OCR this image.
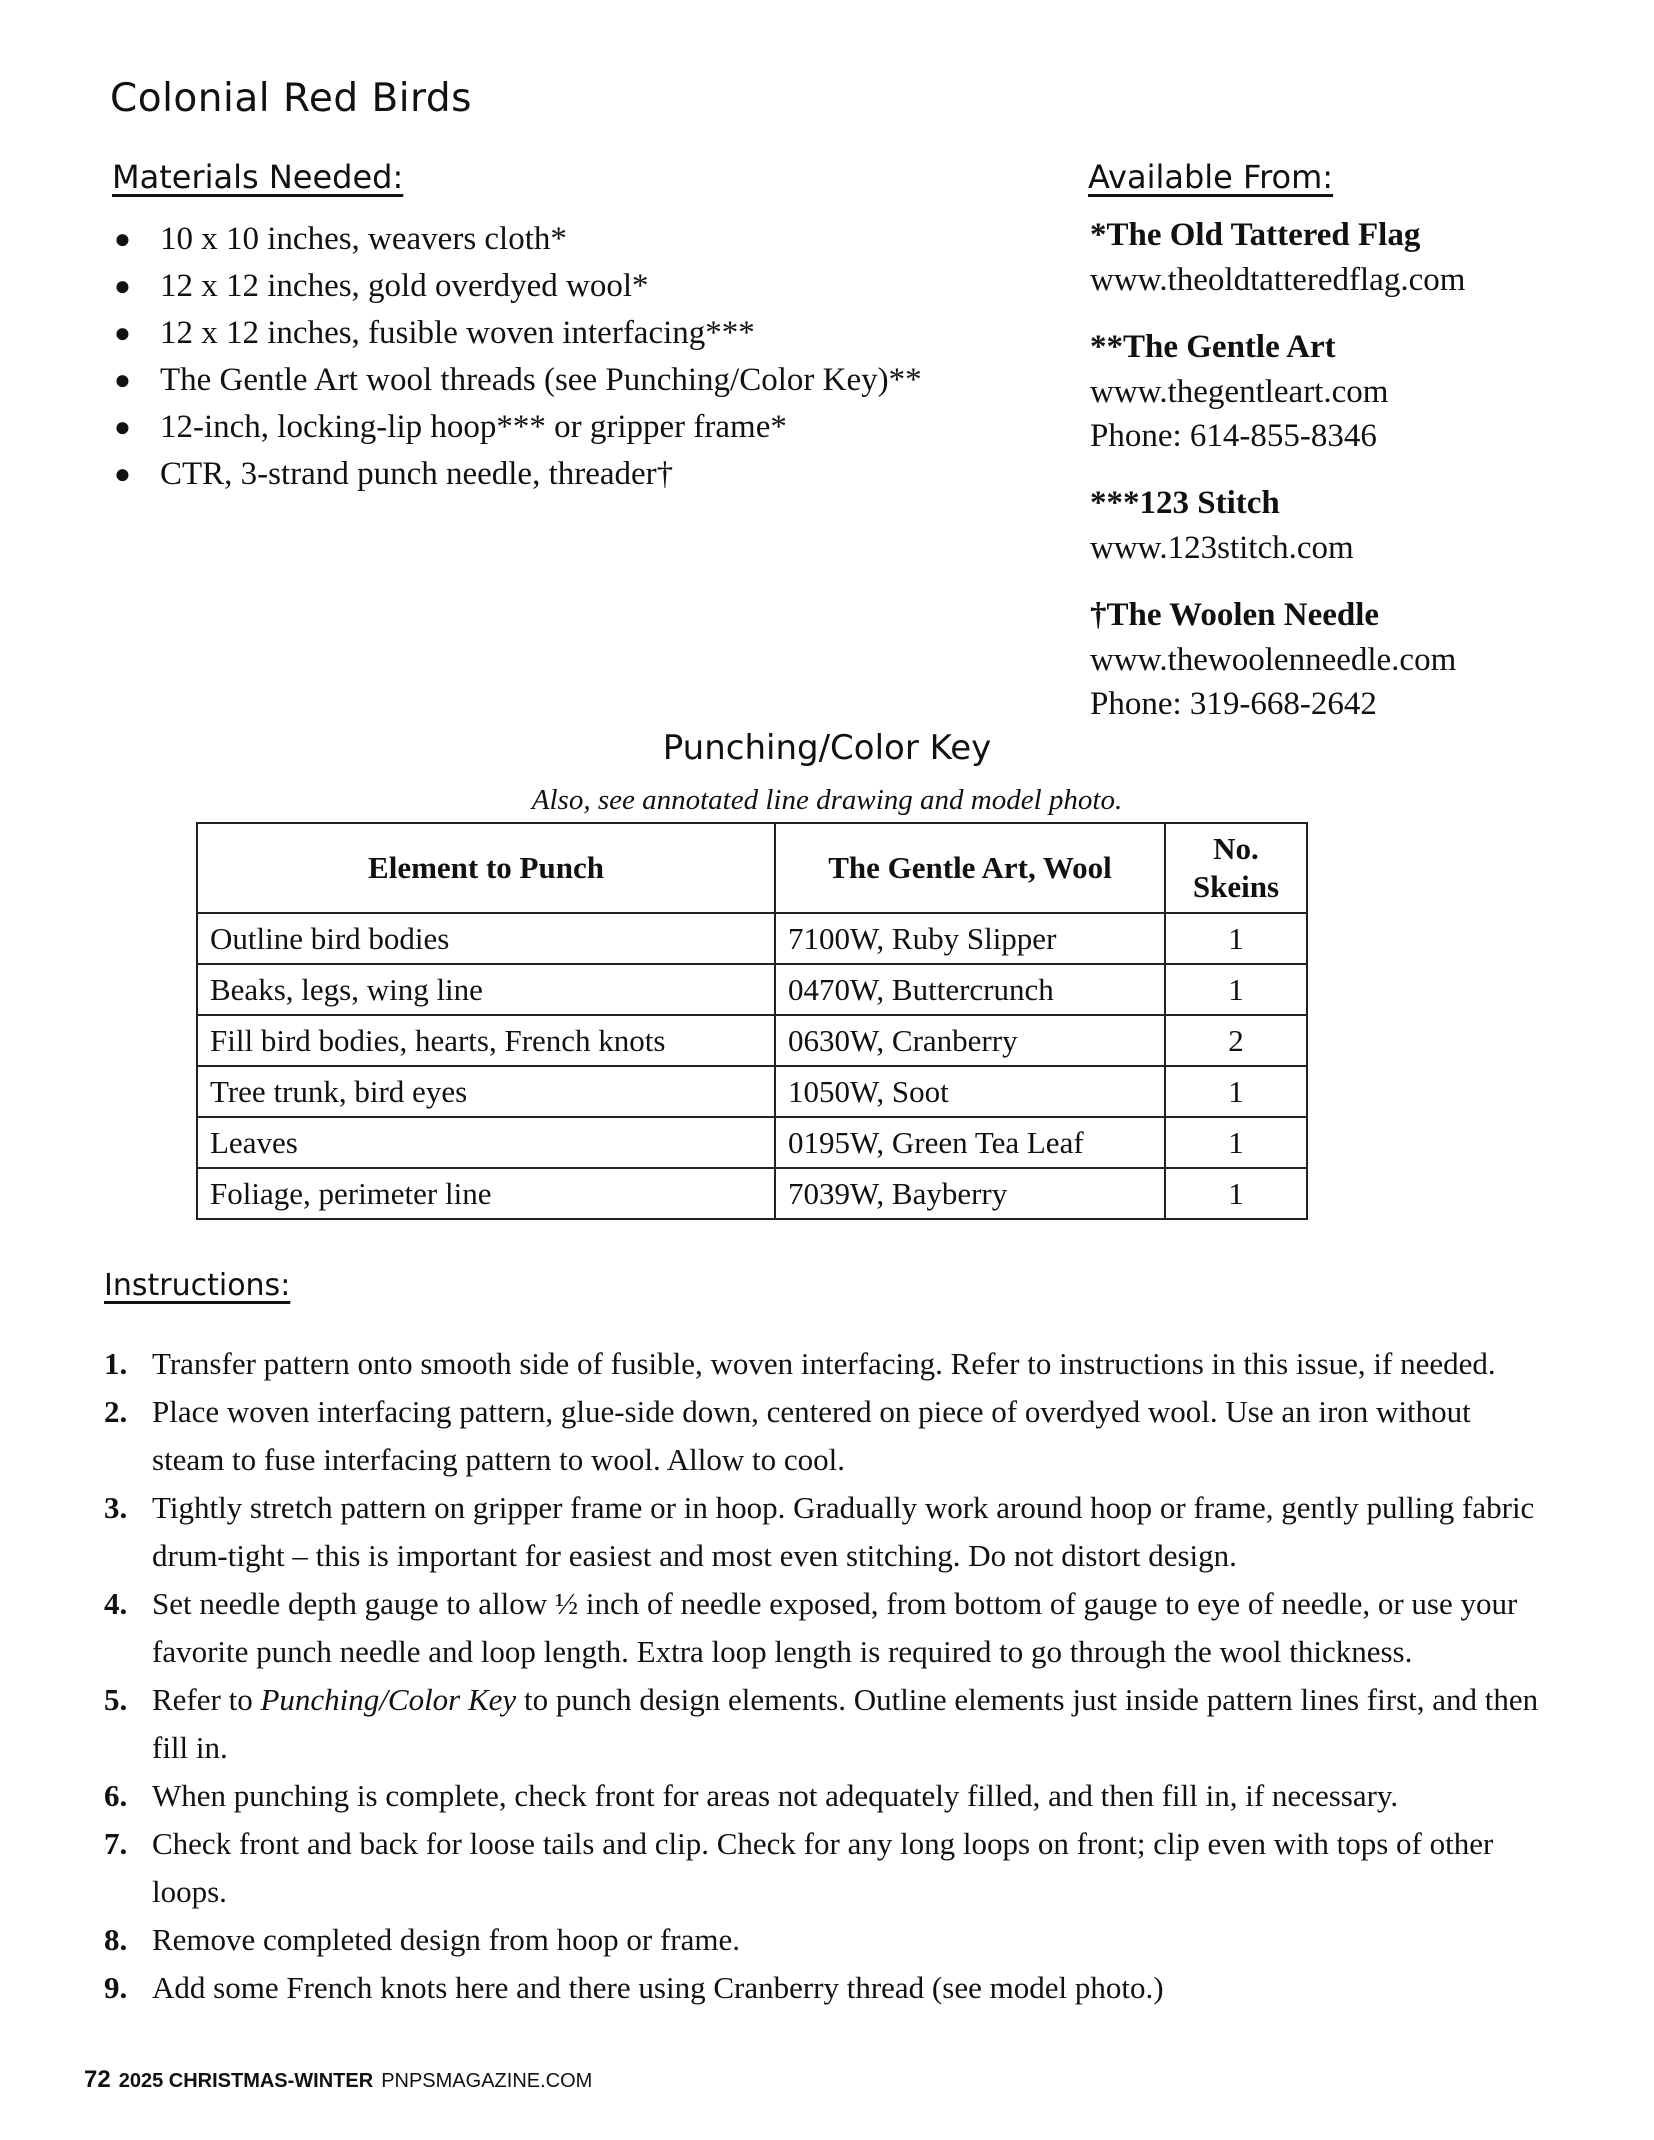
Colonial Red Birds
Materials Needed:
● 10 x 10 inches, weavers cloth*
● 12 x 12 inches, gold overdyed wool*
● 12 x 12 inches, fusible woven interfacing***
● The Gentle Art wool threads (see Punching/Color Key)**
● 12-inch, locking-lip hoop*** or gripper frame*
● CTR, 3-strand punch needle, threader†
Available From:
*The Old Tattered Flag
www.theoldtatteredflag.com
**The Gentle Art
www.thegentleart.com
Phone: 614-855-8346
***123 Stitch
www.123stitch.com
†The Woolen Needle
www.thewoolenneedle.com
Phone: 319-668-2642
Punching/Color Key
Also, see annotated line drawing and model photo.
Element to Punch	The Gentle Art, Wool	No. Skeins
Outline bird bodies	7100W, Ruby Slipper	1
Beaks, legs, wing line	0470W, Buttercrunch	1
Fill bird bodies, hearts, French knots	0630W, Cranberry	2
Tree trunk, bird eyes	1050W, Soot	1
Leaves	0195W, Green Tea Leaf	1
Foliage, perimeter line	7039W, Bayberry	1
Instructions:
1. Transfer pattern onto smooth side of fusible, woven interfacing. Refer to instructions in this issue, if needed.
2. Place woven interfacing pattern, glue-side down, centered on piece of overdyed wool. Use an iron without steam to fuse interfacing pattern to wool. Allow to cool.
3. Tightly stretch pattern on gripper frame or in hoop. Gradually work around hoop or frame, gently pulling fabric drum-tight – this is important for easiest and most even stitching. Do not distort design.
4. Set needle depth gauge to allow ½ inch of needle exposed, from bottom of gauge to eye of needle, or use your favorite punch needle and loop length. Extra loop length is required to go through the wool thickness.
5. Refer to Punching/Color Key to punch design elements. Outline elements just inside pattern lines first, and then fill in.
6. When punching is complete, check front for areas not adequately filled, and then fill in, if necessary.
7. Check front and back for loose tails and clip. Check for any long loops on front; clip even with tops of other loops.
8. Remove completed design from hoop or frame.
9. Add some French knots here and there using Cranberry thread (see model photo.)
72 2025 CHRISTMAS-WINTER PNPSMAGAZINE.COM
